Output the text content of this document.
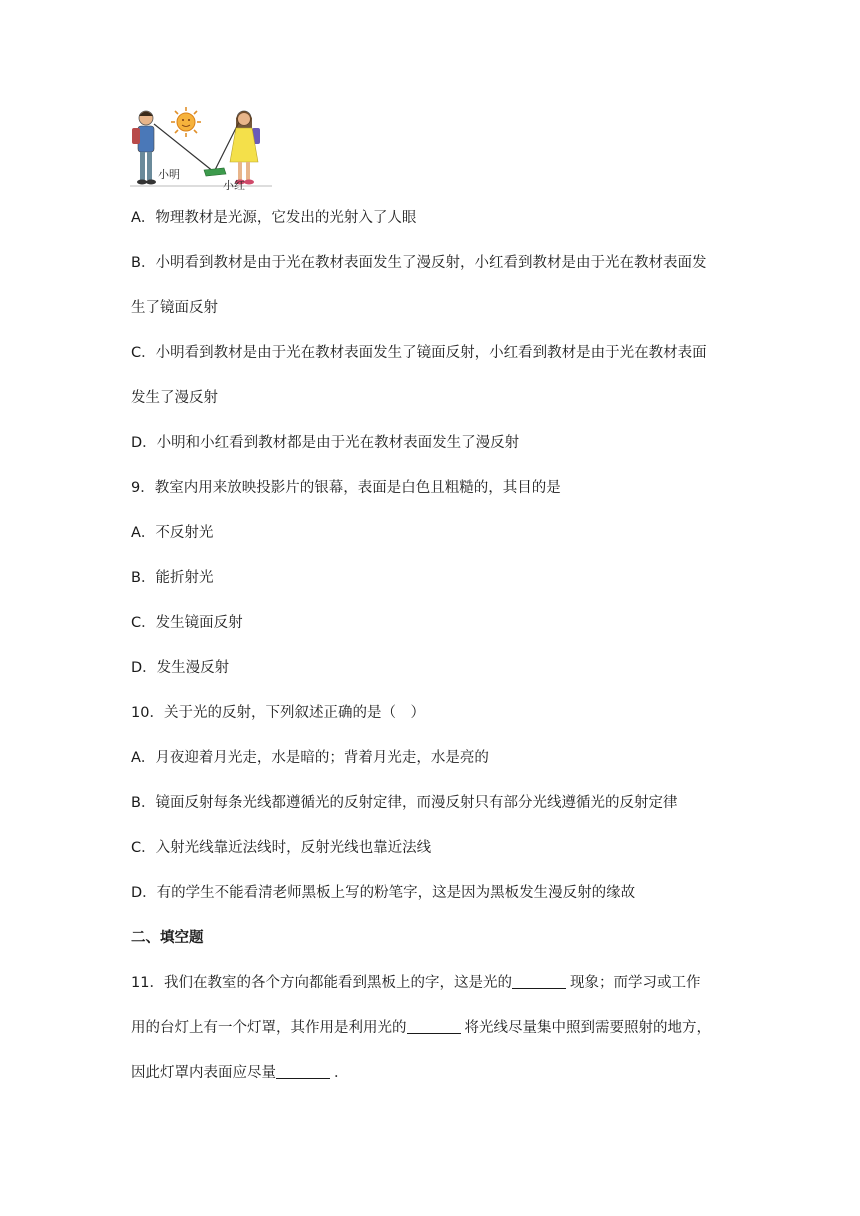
小明
小红

A．物理教材是光源，它发出的光射入了人眼

B．小明看到教材是由于光在教材表面发生了漫反射，小红看到教材是由于光在教材表面发

生了镜面反射

C．小明看到教材是由于光在教材表面发生了镜面反射，小红看到教材是由于光在教材表面

发生了漫反射

D．小明和小红看到教材都是由于光在教材表面发生了漫反射

9．教室内用来放映投影片的银幕，表面是白色且粗糙的，其目的是

A．不反射光

B．能折射光

C．发生镜面反射

D．发生漫反射

10．关于光的反射，下列叙述正确的是（　）

A．月夜迎着月光走，水是暗的；背着月光走，水是亮的

B．镜面反射每条光线都遵循光的反射定律，而漫反射只有部分光线遵循光的反射定律

C．入射光线靠近法线时，反射光线也靠近法线

D．有的学生不能看清老师黑板上写的粉笔字，这是因为黑板发生漫反射的缘故

二、填空题

11．我们在教室的各个方向都能看到黑板上的字，这是光的	现象；而学习或工作

用的台灯上有一个灯罩，其作用是利用光的	将光线尽量集中照到需要照射的地方，

因此灯罩内表面应尽量	．
